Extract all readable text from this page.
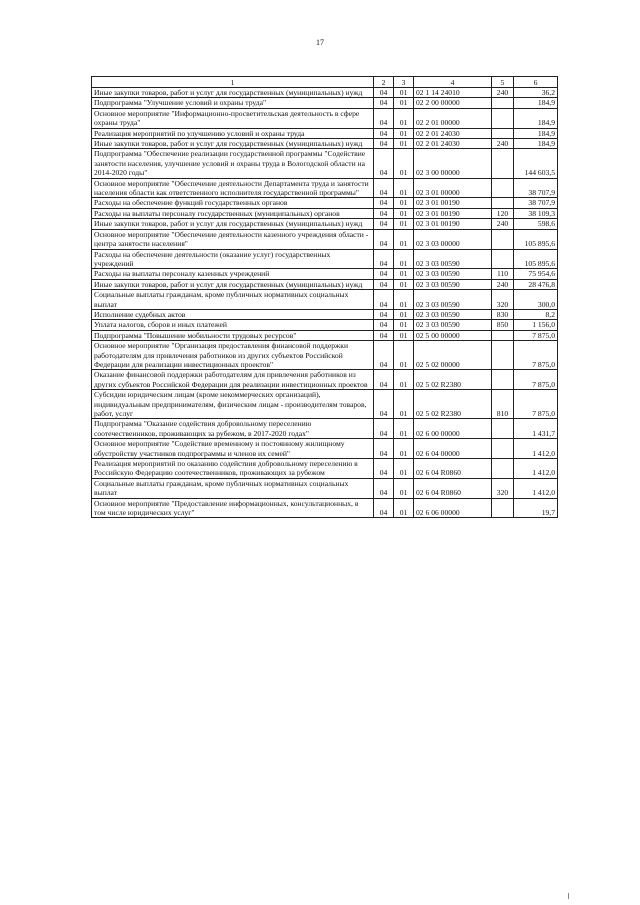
17
1	2	3	4	5	6
Иные закупки товаров, работ и услуг для государственных (муниципальных) нужд	04	01	02 1 14 24010	240	36,2
Подпрограмма "Улучшение условий и охраны труда"	04	01	02 2 00 00000		184,9
Основное мероприятие "Информационно-просветительская деятельность в сфере охраны труда"	04	01	02 2 01 00000		184,9
Реализация мероприятий по улучшению условий и охраны труда	04	01	02 2 01 24030		184,9
Иные закупки товаров, работ и услуг для государственных (муниципальных) нужд	04	01	02 2 01 24030	240	184,9
Подпрограмма "Обеспечение реализации государственной программы "Содействие занятости населения, улучшение условий и охраны труда в Вологодской области на 2014-2020 годы"	04	01	02 3 00 00000		144 603,5
Основное мероприятие "Обеспечение деятельности Департамента труда и занятости населения области как ответственного исполнителя государственной программы"	04	01	02 3 01 00000		38 707,9
Расходы на обеспечение функций государственных органов	04	01	02 3 01 00190		38 707,9
Расходы на выплаты персоналу государственных (муниципальных) органов	04	01	02 3 01 00190	120	38 109,3
Иные закупки товаров, работ и услуг для государственных (муниципальных) нужд	04	01	02 3 01 00190	240	598,6
Основное мероприятие "Обеспечение деятельности казенного учреждения области - центра занятости населения"	04	01	02 3 03 00000		105 895,6
Расходы на обеспечение деятельности (оказание услуг) государственных учреждений	04	01	02 3 03 00590		105 895,6
Расходы на выплаты персоналу казенных учреждений	04	01	02 3 03 00590	110	75 954,6
Иные закупки товаров, работ и услуг для государственных (муниципальных) нужд	04	01	02 3 03 00590	240	28 476,8
Социальные выплаты гражданам, кроме публичных нормативных социальных выплат	04	01	02 3 03 00590	320	300,0
Исполнение судебных актов	04	01	02 3 03 00590	830	8,2
Уплата налогов, сборов и иных платежей	04	01	02 3 03 00590	850	1 156,0
Подпрограмма "Повышение мобильности трудовых ресурсов"	04	01	02 5 00 00000		7 875,0
Основное мероприятие "Организация предоставления финансовой поддержки работодателям для привлечения работников из других субъектов Российской Федерации для реализации инвестиционных проектов"	04	01	02 5 02 00000		7 875,0
Оказание финансовой поддержки работодателям для привлечения работников из других субъектов Российской Федерации для реализации инвестиционных проектов	04	01	02 5 02 R2380		7 875,0
Субсидии юридическим лицам (кроме некоммерческих организаций), индивидуальным предпринимателям, физическим лицам - производителям товаров, работ, услуг	04	01	02 5 02 R2380	810	7 875,0
Подпрограмма "Оказание содействия добровольному переселению соотечественников, проживающих за рубежом, в 2017-2020 годах"	04	01	02 6 00 00000		1 431,7
Основное мероприятие "Содействие временному и постоянному жилищному обустройству участников подпрограммы и членов их семей"	04	01	02 6 04 00000		1 412,0
Реализация мероприятий по оказанию содействия добровольному переселению в Российскую Федерацию соотечественников, проживающих за рубежом	04	01	02 6 04 R0860		1 412,0
Социальные выплаты гражданам, кроме публичных нормативных социальных выплат	04	01	02 6 04 R0860	320	1 412,0
Основное мероприятие "Предоставление информационных, консультационных, в том числе юридических услуг"	04	01	02 6 06 00000		19,7
